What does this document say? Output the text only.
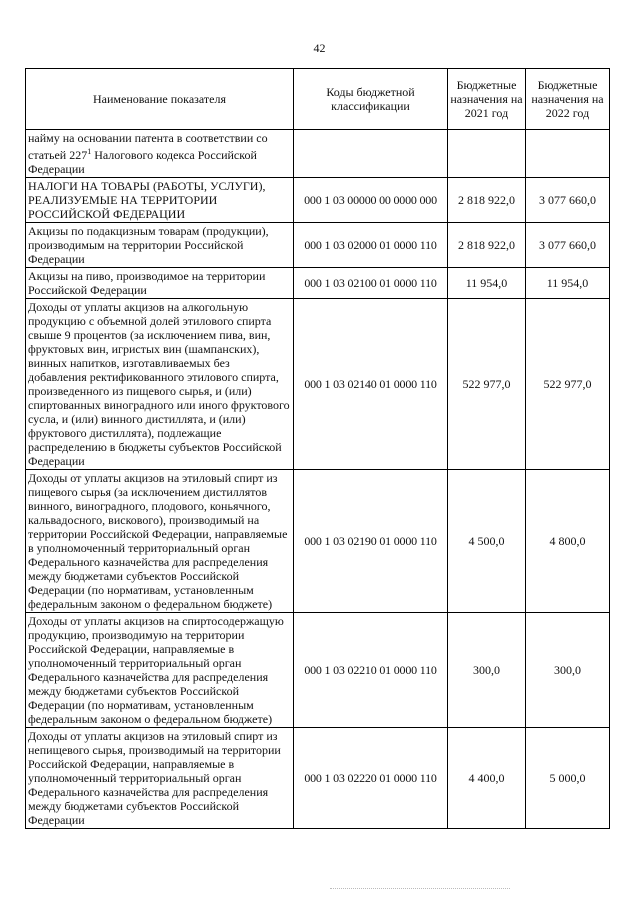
42
Наименование показателя	Коды бюджетной классификации	Бюджетные назначения на 2021 год	Бюджетные назначения на 2022 год
найму на основании патента в соответствии со статьей $227^1$ Налогового кодекса Российской Федерации			
НАЛОГИ НА ТОВАРЫ (РАБОТЫ, УСЛУГИ), РЕАЛИЗУЕМЫЕ НА ТЕРРИТОРИИ РОССИЙСКОЙ ФЕДЕРАЦИИ	000 1 03 00000 00 0000 000	2 818 922,0	3 077 660,0
Акцизы по подакцизным товарам (продукции), производимым на территории Российской Федерации	000 1 03 02000 01 0000 110	2 818 922,0	3 077 660,0
Акцизы на пиво, производимое на территории Российской Федерации	000 1 03 02100 01 0000 110	11 954,0	11 954,0
Доходы от уплаты акцизов на алкогольную продукцию с объемной долей этилового спирта свыше 9 процентов (за исключением пива, вин, фруктовых вин, игристых вин (шампанских), винных напитков, изготавливаемых без добавления ректификованного этилового спирта, произведенного из пищевого сырья, и (или) спиртованных виноградного или иного фруктового сусла, и (или) винного дистиллята, и (или) фруктового дистиллята), подлежащие распределению в бюджеты субъектов Российской Федерации	000 1 03 02140 01 0000 110	522 977,0	522 977,0
Доходы от уплаты акцизов на этиловый спирт из пищевого сырья (за исключением дистиллятов винного, виноградного, плодового, коньячного, кальвадосного, вискового), производимый на территории Российской Федерации, направляемые в уполномоченный территориальный орган Федерального казначейства для распределения между бюджетами субъектов Российской Федерации (по нормативам, установленным федеральным законом о федеральном бюджете)	000 1 03 02190 01 0000 110	4 500,0	4 800,0
Доходы от уплаты акцизов на спиртосодержащую продукцию, производимую на территории Российской Федерации, направляемые в уполномоченный территориальный орган Федерального казначейства для распределения между бюджетами субъектов Российской Федерации (по нормативам, установленным федеральным законом о федеральном бюджете)	000 1 03 02210 01 0000 110	300,0	300,0
Доходы от уплаты акцизов на этиловый спирт из непищевого сырья, производимый на территории Российской Федерации, направляемые в уполномоченный территориальный орган Федерального казначейства для распределения между бюджетами субъектов Российской Федерации	000 1 03 02220 01 0000 110	4 400,0	5 000,0
